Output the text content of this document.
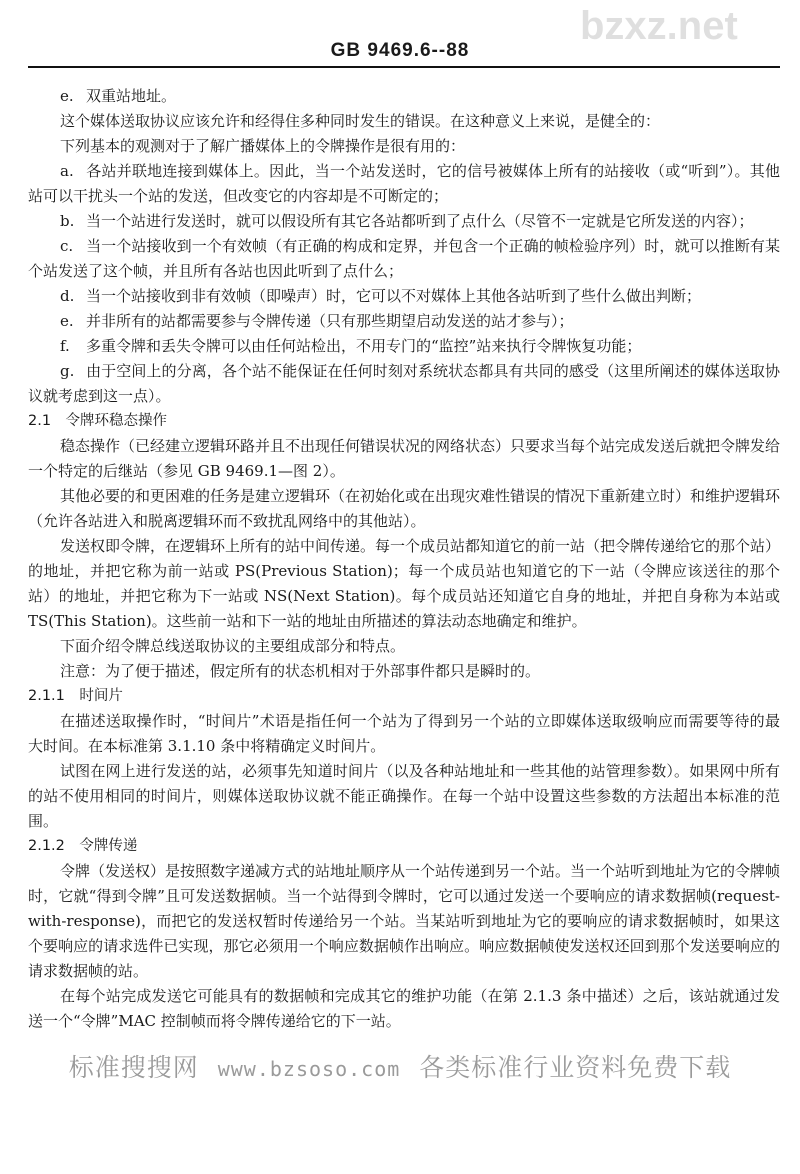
bzxz.net
GB 9469.6--88

e. 双重站地址。

这个媒体送取协议应该允许和经得住多种同时发生的错误。在这种意义上来说，是健全的：

下列基本的观测对于了解广播媒体上的令牌操作是很有用的：

a. 各站并联地连接到媒体上。因此，当一个站发送时，它的信号被媒体上所有的站接收（或“听到”）。其他站可以干扰头一个站的发送，但改变它的内容却是不可断定的；

b. 当一个站进行发送时，就可以假设所有其它各站都听到了点什么（尽管不一定就是它所发送的内容）；

c. 当一个站接收到一个有效帧（有正确的构成和定界，并包含一个正确的帧检验序列）时，就可以推断有某个站发送了这个帧，并且所有各站也因此听到了点什么；

d. 当一个站接收到非有效帧（即噪声）时，它可以不对媒体上其他各站听到了些什么做出判断；

e. 并非所有的站都需要参与令牌传递（只有那些期望启动发送的站才参与）；

f. 多重令牌和丢失令牌可以由任何站检出，不用专门的“监控”站来执行令牌恢复功能；

g. 由于空间上的分离，各个站不能保证在任何时刻对系统状态都具有共同的感受（这里所阐述的媒体送取协议就考虑到这一点）。

2.1　令牌环稳态操作

稳态操作（已经建立逻辑环路并且不出现任何错误状况的网络状态）只要求当每个站完成发送后就把令牌发给一个特定的后继站（参见 GB 9469.1—图 2）。

其他必要的和更困难的任务是建立逻辑环（在初始化或在出现灾难性错误的情况下重新建立时）和维护逻辑环（允许各站进入和脱离逻辑环而不致扰乱网络中的其他站）。

发送权即令牌，在逻辑环上所有的站中间传递。每一个成员站都知道它的前一站（把令牌传递给它的那个站）的地址，并把它称为前一站或 PS(Previous Station)；每一个成员站也知道它的下一站（令牌应该送往的那个站）的地址，并把它称为下一站或 NS(Next Station)。每个成员站还知道它自身的地址，并把自身称为本站或 TS(This Station)。这些前一站和下一站的地址由所描述的算法动态地确定和维护。

下面介绍令牌总线送取协议的主要组成部分和特点。

注意：为了便于描述，假定所有的状态机相对于外部事件都只是瞬时的。

2.1.1　时间片

在描述送取操作时，“时间片”术语是指任何一个站为了得到另一个站的立即媒体送取级响应而需要等待的最大时间。在本标准第 3.1.10 条中将精确定义时间片。

试图在网上进行发送的站，必须事先知道时间片（以及各种站地址和一些其他的站管理参数）。如果网中所有的站不使用相同的时间片，则媒体送取协议就不能正确操作。在每一个站中设置这些参数的方法超出本标准的范围。

2.1.2　令牌传递

令牌（发送权）是按照数字递减方式的站地址顺序从一个站传递到另一个站。当一个站听到地址为它的令牌帧时，它就“得到令牌”且可发送数据帧。当一个站得到令牌时，它可以通过发送一个要响应的请求数据帧(request-with-response)，而把它的发送权暂时传递给另一个站。当某站听到地址为它的要响应的请求数据帧时，如果这个要响应的请求选件已实现，那它必须用一个响应数据帧作出响应。响应数据帧使发送权还回到那个发送要响应的请求数据帧的站。

在每个站完成发送它可能具有的数据帧和完成其它的维护功能（在第 2.1.3 条中描述）之后，该站就通过发送一个“令牌”MAC 控制帧而将令牌传递给它的下一站。

标准搜搜网 www.bzsoso.com 各类标准行业资料免费下载
